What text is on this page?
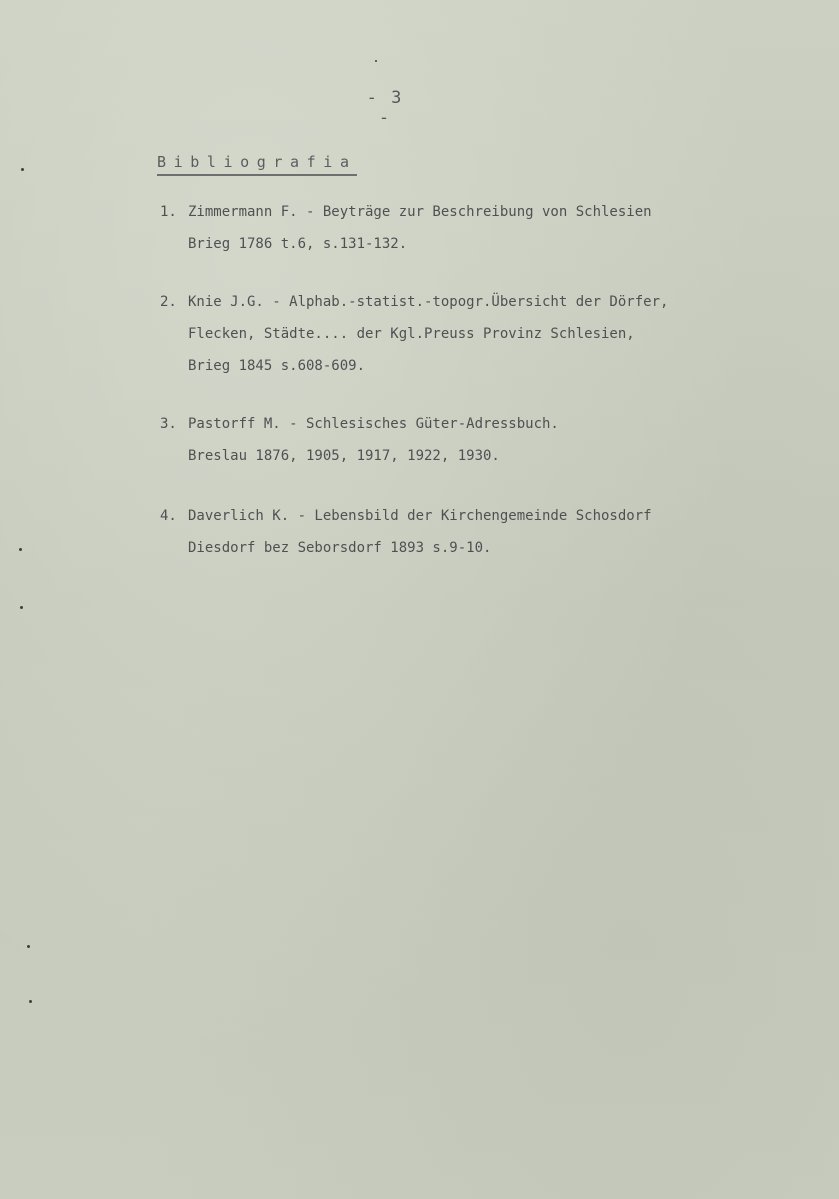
- 3 -
Bibliografia
1. Zimmermann F. - Beyträge zur Beschreibung von Schlesien
Brieg 1786 t.6, s.131-132.
2. Knie J.G. - Alphab.-statist.-topogr.Übersicht der Dörfer,
Flecken, Städte.... der Kgl.Preuss Provinz Schlesien,
Brieg 1845 s.608-609.
3. Pastorff M. - Schlesisches Güter-Adressbuch.
Breslau 1876, 1905, 1917, 1922, 1930.
4. Daverlich K. - Lebensbild der Kirchengemeinde Schosdorf
Diesdorf bez Seborsdorf 1893 s.9-10.
